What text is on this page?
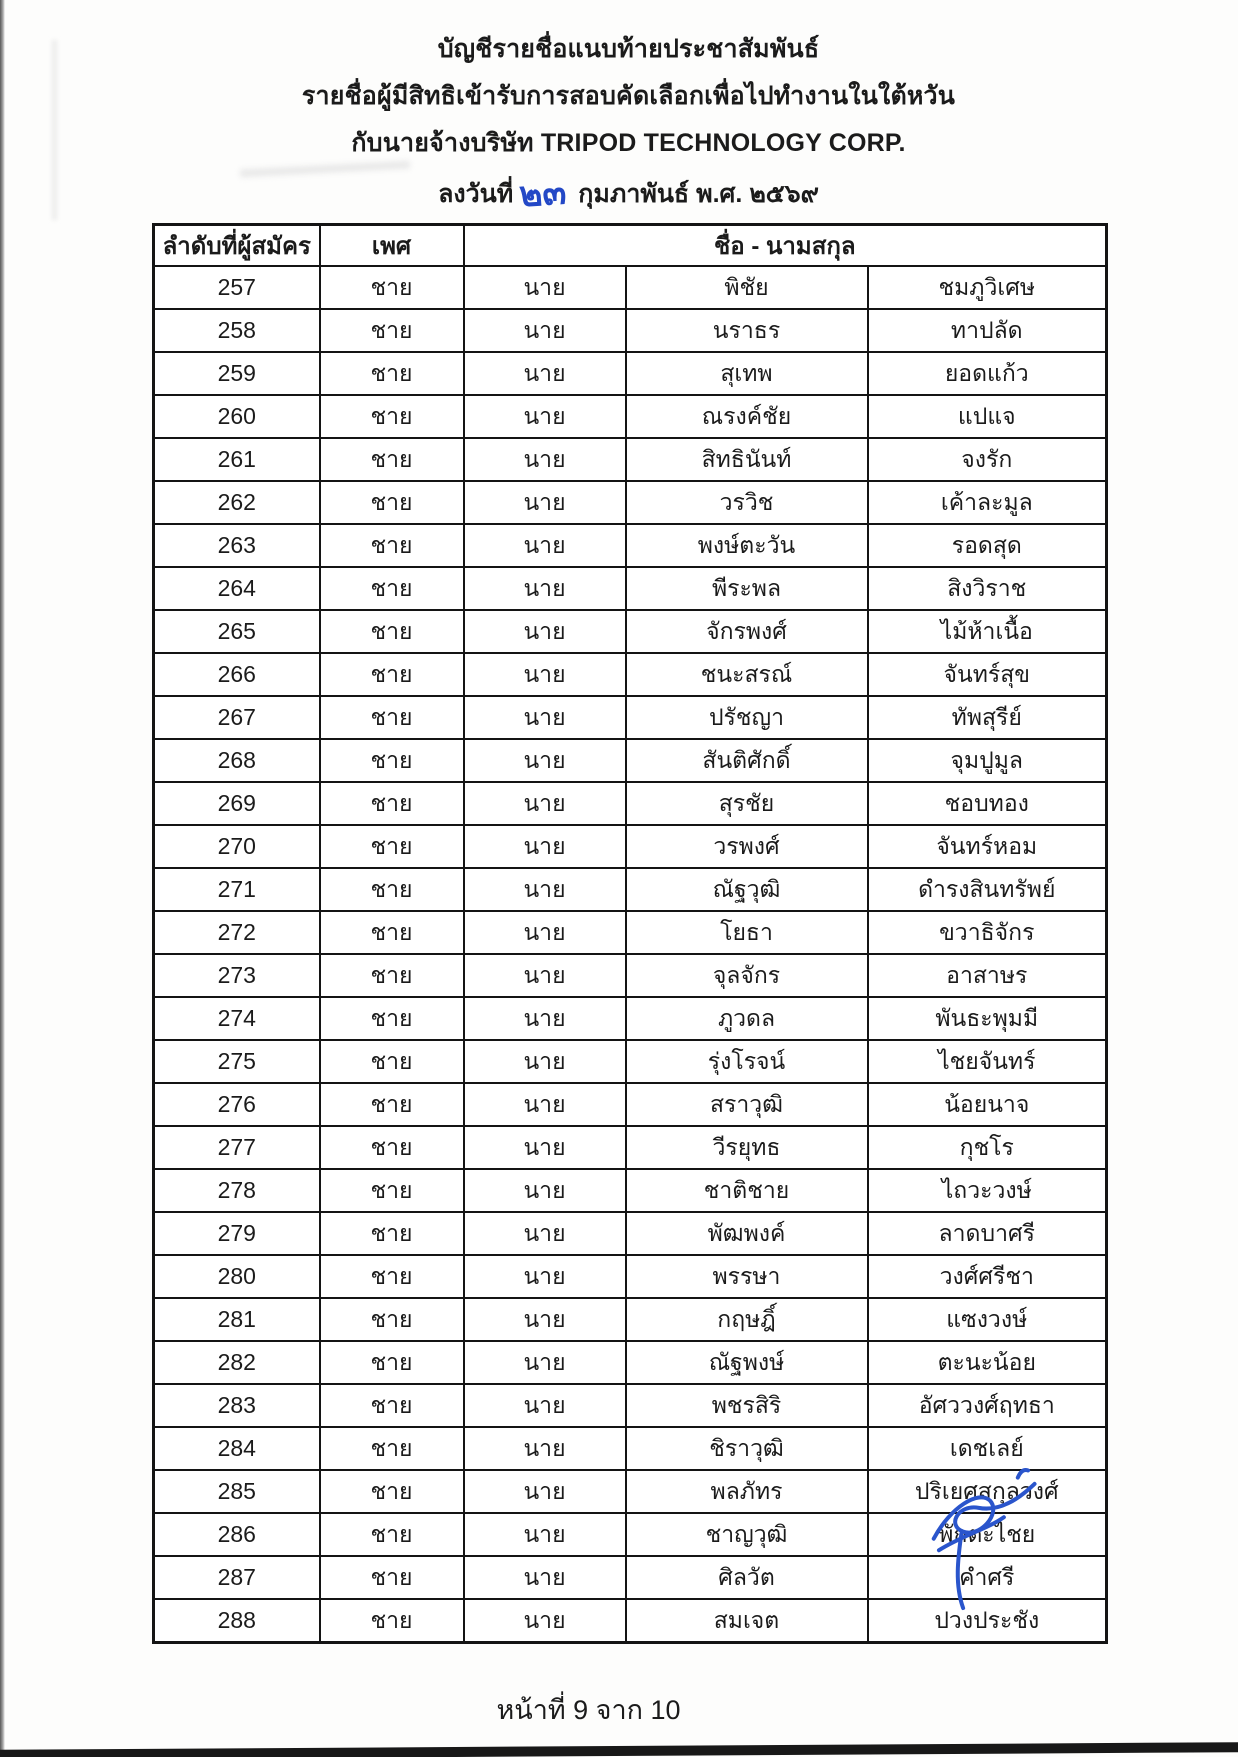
บัญชีรายชื่อแนบท้ายประชาสัมพันธ์
รายชื่อผู้มีสิทธิเข้ารับการสอบคัดเลือกเพื่อไปทำงานในใต้หวัน
กับนายจ้างบริษัท TRIPOD TECHNOLOGY CORP.
ลงวันที่ ๒๓ กุมภาพันธ์ พ.ศ. ๒๕๖๙
ลำดับที่ผู้สมัคร	เพศ	ชื่อ - นามสกุล		
257	ชาย	นาย	พิชัย	ชมภูวิเศษ
258	ชาย	นาย	นราธร	ทาปลัด
259	ชาย	นาย	สุเทพ	ยอดแก้ว
260	ชาย	นาย	ณรงค์ชัย	แปแจ
261	ชาย	นาย	สิทธินันท์	จงรัก
262	ชาย	นาย	วรวิช	เค้าละมูล
263	ชาย	นาย	พงษ์ตะวัน	รอดสุด
264	ชาย	นาย	พีระพล	สิงวิราช
265	ชาย	นาย	จักรพงศ์	ไม้ห้าเนื้อ
266	ชาย	นาย	ชนะสรณ์	จันทร์สุข
267	ชาย	นาย	ปรัชญา	ทัพสุรีย์
268	ชาย	นาย	สันติศักดิ์	จุมปูมูล
269	ชาย	นาย	สุรชัย	ชอบทอง
270	ชาย	นาย	วรพงศ์	จันทร์หอม
271	ชาย	นาย	ณัฐวุฒิ	ดำรงสินทรัพย์
272	ชาย	นาย	โยธา	ขวาธิจักร
273	ชาย	นาย	จุลจักร	อาสาษร
274	ชาย	นาย	ภูวดล	พันธะพุมมี
275	ชาย	นาย	รุ่งโรจน์	ไชยจันทร์
276	ชาย	นาย	สราวุฒิ	น้อยนาจ
277	ชาย	นาย	วีรยุทธ	กุชโร
278	ชาย	นาย	ชาติชาย	ไถวะวงษ์
279	ชาย	นาย	พัฒพงค์	ลาดบาศรี
280	ชาย	นาย	พรรษา	วงศ์ศรีชา
281	ชาย	นาย	กฤษฎิ์	แซงวงษ์
282	ชาย	นาย	ณัฐพงษ์	ตะนะน้อย
283	ชาย	นาย	พชรสิริ	อัศววงศ์ฤทธา
284	ชาย	นาย	ชิราวุฒิ	เดชเลย์
285	ชาย	นาย	พลภัทร	ปริเยศสกุลวงศ์
286	ชาย	นาย	ชาญวุฒิ	พักตะไชย
287	ชาย	นาย	ศิลวัต	คำศรี
288	ชาย	นาย	สมเจต	ปวงประชัง
หน้าที่ 9 จาก 10
